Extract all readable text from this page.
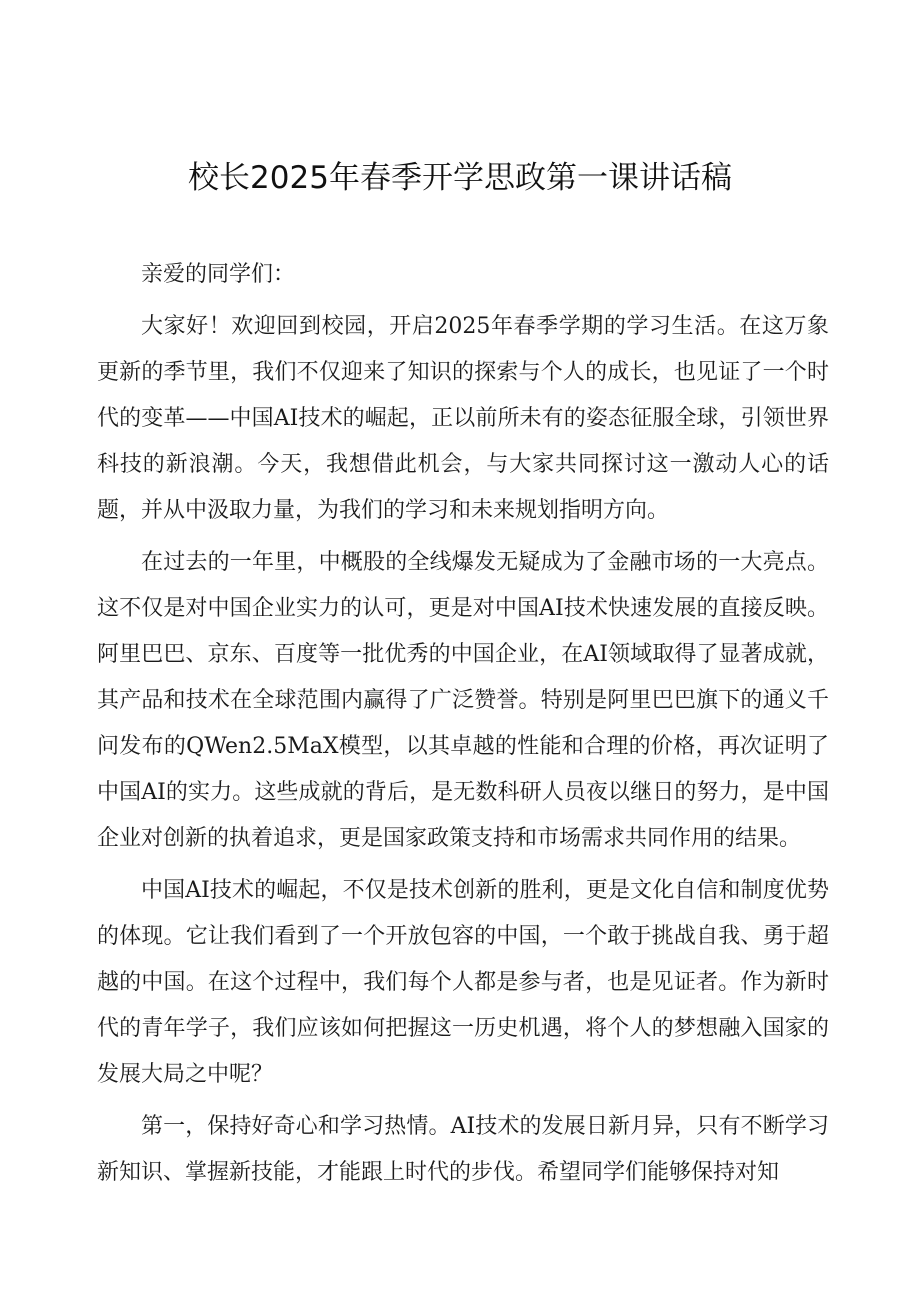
校长2025年春季开学思政第一课讲话稿

亲爱的同学们：

大家好！欢迎回到校园，开启2025年春季学期的学习生活。在这万象更新的季节里，我们不仅迎来了知识的探索与个人的成长，也见证了一个时代的变革——中国AI技术的崛起，正以前所未有的姿态征服全球，引领世界科技的新浪潮。今天，我想借此机会，与大家共同探讨这一激动人心的话题，并从中汲取力量，为我们的学习和未来规划指明方向。

在过去的一年里，中概股的全线爆发无疑成为了金融市场的一大亮点。这不仅是对中国企业实力的认可，更是对中国AI技术快速发展的直接反映。阿里巴巴、京东、百度等一批优秀的中国企业，在AI领域取得了显著成就，其产品和技术在全球范围内赢得了广泛赞誉。特别是阿里巴巴旗下的通义千问发布的QWen2.5MaX模型，以其卓越的性能和合理的价格，再次证明了中国AI的实力。这些成就的背后，是无数科研人员夜以继日的努力，是中国企业对创新的执着追求，更是国家政策支持和市场需求共同作用的结果。

中国AI技术的崛起，不仅是技术创新的胜利，更是文化自信和制度优势的体现。它让我们看到了一个开放包容的中国，一个敢于挑战自我、勇于超越的中国。在这个过程中，我们每个人都是参与者，也是见证者。作为新时代的青年学子，我们应该如何把握这一历史机遇，将个人的梦想融入国家的发展大局之中呢？

第一，保持好奇心和学习热情。AI技术的发展日新月异，只有不断学习新知识、掌握新技能，才能跟上时代的步伐。希望同学们能够保持对知
